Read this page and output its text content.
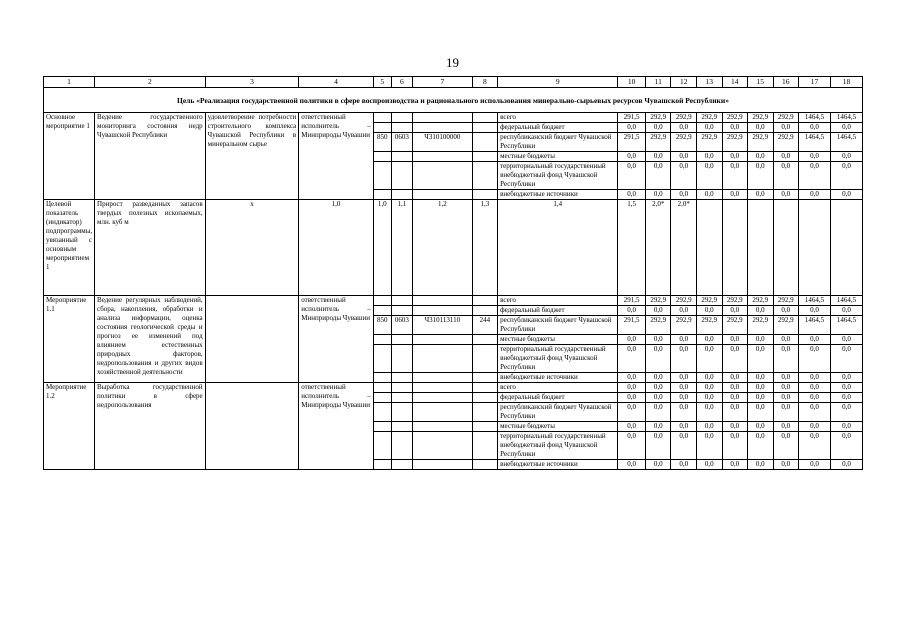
19
1	2	3	4	5	6	7	8	9	10	11	12	13	14	15	16	17	18
Цель «Реализация государственной политики в сфере воспроизводства и рационального использования минерально-сырьевых ресурсов Чувашской Республики»																	
Основное мероприятие 1	Ведение государственного мониторинга состояния недр Чувашской Республики	удовлетворение потребности строительного комплекса Чувашской Республики в минеральном сырье	ответственный исполнитель – Минприроды Чувашии					всего	291,5	292,9	292,9	292,9	292,9	292,9	292,9	1464,5	1464,5
								федеральный бюджет	0,0	0,0	0,0	0,0	0,0	0,0	0,0	0,0	0,0
				850	0603	Ч310100000		республиканский бюджет Чувашской Республики	291,5	292,9	292,9	292,9	292,9	292,9	292,9	1464,5	1464,5
								местные бюджеты	0,0	0,0	0,0	0,0	0,0	0,0	0,0	0,0	0,0
								территориальный государственный внебюджетный фонд Чувашской Республики	0,0	0,0	0,0	0,0	0,0	0,0	0,0	0,0	0,0
								внебюджетные источники	0,0	0,0	0,0	0,0	0,0	0,0	0,0	0,0	0,0
Целевой показатель (индикатор) подпрограммы, увязанный с основным мероприятием 1	Прирост разведанных запасов твердых полезных ископаемых, млн. куб м	x	1,0	1,0	1,1	1,2	1,3	1,4	1,5	2,0*	2,0*						
Мероприятие 1.1	Ведение регулярных наблюдений, сбора, накопления, обработки и анализа информации, оценка состояния геологической среды и прогноз ее изменений под влиянием естественных природных факторов, недропользования и других видов хозяйственной деятельности		ответственный исполнитель – Минприроды Чувашии					всего	291,5	292,9	292,9	292,9	292,9	292,9	292,9	1464,5	1464,5
								федеральный бюджет	0,0	0,0	0,0	0,0	0,0	0,0	0,0	0,0	0,0
				850	0603	Ч310113110	244	республиканский бюджет Чувашской Республики	291,5	292,9	292,9	292,9	292,9	292,9	292,9	1464,5	1464,5
								местные бюджеты	0,0	0,0	0,0	0,0	0,0	0,0	0,0	0,0	0,0
								территориальный государственный внебюджетный фонд Чувашской Республики	0,0	0,0	0,0	0,0	0,0	0,0	0,0	0,0	0,0
								внебюджетные источники	0,0	0,0	0,0	0,0	0,0	0,0	0,0	0,0	0,0
Мероприятие 1.2	Выработка государственной политики в сфере недропользования		ответственный исполнитель – Минприроды Чувашии					всего	0,0	0,0	0,0	0,0	0,0	0,0	0,0	0,0	0,0
								федеральный бюджет	0,0	0,0	0,0	0,0	0,0	0,0	0,0	0,0	0,0
								республиканский бюджет Чувашской Республики	0,0	0,0	0,0	0,0	0,0	0,0	0,0	0,0	0,0
								местные бюджеты	0,0	0,0	0,0	0,0	0,0	0,0	0,0	0,0	0,0
								территориальный государственный внебюджетный фонд Чувашской Республики	0,0	0,0	0,0	0,0	0,0	0,0	0,0	0,0	0,0
								внебюджетные источники	0,0	0,0	0,0	0,0	0,0	0,0	0,0	0,0	0,0
